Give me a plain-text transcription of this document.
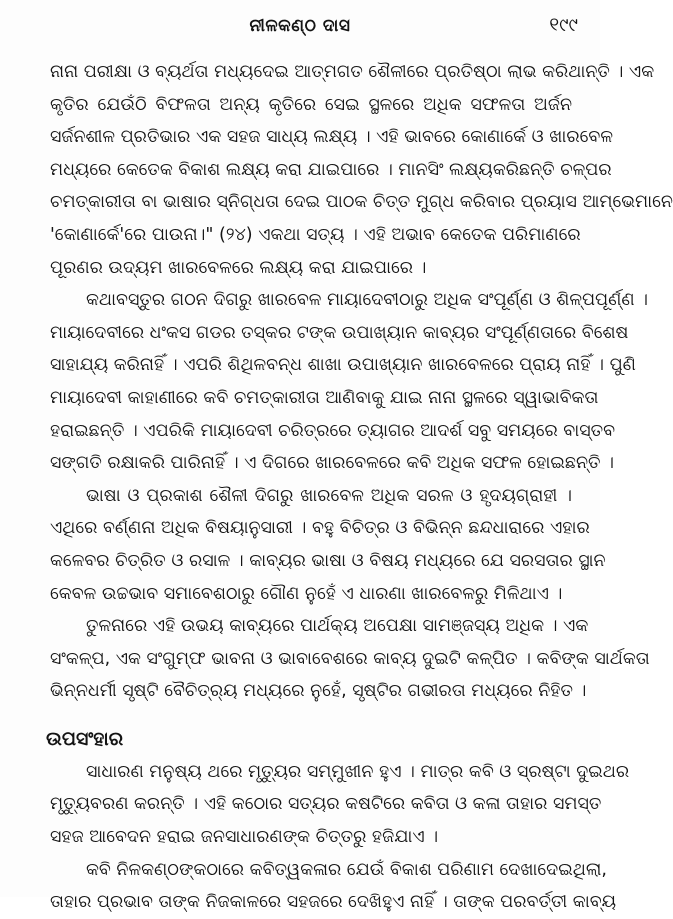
ନୀଳକଣ୍ଠ ଦାସ	୧୯୯
ନାନା ପରୀକ୍ଷା ଓ ବ୍ୟର୍ଥତା ମଧ୍ୟଦେଇ ଆତ୍ମଗତ ଶୈଳୀରେ ପ୍ରତିଷ୍ଠା ଲାଭ କରିଥାନ୍ତି । ଏକ
କୃତିର ଯେଉଁଠି ବିଫଳତା ଅନ୍ୟ କୃତିରେ ସେଇ ସ୍ଥଳରେ ଅଧିକ ସଫଳତା ଅର୍ଜନ
ସର୍ଜନଶୀଳ ପ୍ରତିଭାର ଏକ ସହଜ ସାଧ୍ୟ ଲକ୍ଷ୍ୟ । ଏହି ଭାବରେ କୋଣାର୍କେ ଓ ଖାରବେଳ
ମଧ୍ୟରେ କେତେକ ବିକାଶ ଲକ୍ଷ୍ୟ କରା ଯାଇପାରେ । ମାନସିଂ ଲକ୍ଷ୍ୟକରିଛନ୍ତି ଚଳ୍ପର
ଚମତ୍କାରୀତା ବା ଭାଷାର ସ୍ନିଗ୍ଧତା ଦେଇ ପାଠକ ଚିତ୍ତ ମୁଗ୍ଧ କରିବାର ପ୍ରୟାସ ଆମ୍ଭେମାନେ
'କୋଣାର୍କେ'ରେ ପାଉନା।" (୨୪) ଏକଥା ସତ୍ୟ । ଏହି ଅଭାବ କେତେକ ପରିମାଣରେ
ପୂରଣର ଉଦ୍ୟମ ଖାରବେଳରେ ଲକ୍ଷ୍ୟ କରା ଯାଇପାରେ ।
କଥାବସ୍ତୁର ଗଠନ ଦିଗରୁ ଖାରବେଳ ମାୟାଦେବୀଠାରୁ ଅଧିକ ସଂପୂର୍ଣ୍ଣ ଓ ଶିଳ୍ପପୂର୍ଣ୍ଣ ।
ମାୟାଦେବୀରେ ଧଂକସ ଗଡର ତସ୍କର ଟଙ୍କ ଉପାଖ୍ୟାନ କାବ୍ୟର ସଂପୂର୍ଣ୍ଣତାରେ ବିଶେଷ
ସାହାଯ୍ୟ କରିନାହିଁ । ଏପରି ଶିଥିଳବନ୍ଧ ଶାଖା ଉପାଖ୍ୟାନ ଖାରବେଳରେ ପ୍ରାୟ ନାହିଁ । ପୁଣି
ମାୟାଦେବୀ କାହାଣୀରେ କବି ଚମତ୍କାରୀତା ଆଣିବାକୁ ଯାଇ ନାନା ସ୍ଥଳରେ ସ୍ୱାଭାବିକତା
ହରାଇଛନ୍ତି । ଏପରିକି ମାୟାଦେବୀ ଚରିତ୍ରରେ ତ୍ୟାଗର ଆଦର୍ଶ ସବୁ ସମୟରେ ବାସ୍ତବ
ସଙ୍ଗତି ରକ୍ଷାକରି ପାରିନାହିଁ । ଏ ଦିଗରେ ଖାରବେଳରେ କବି ଅଧିକ ସଫଳ ହୋଇଛନ୍ତି ।
ଭାଷା ଓ ପ୍ରକାଶ ଶୈଳୀ ଦିଗରୁ ଖାରବେଳ ଅଧିକ ସରଳ ଓ ହୃଦୟଗ୍ରାହୀ ।
ଏଥିରେ ବର୍ଣ୍ଣନା ଅଧିକ ବିଷୟାନୁସାରୀ । ବହୁ ବିଚିତ୍ର ଓ ବିଭିନ୍ନ ଛନ୍ଦଧାରାରେ ଏହାର
କଳେବର ଚିତ୍ରିତ ଓ ରସାଳ । କାବ୍ୟର ଭାଷା ଓ ବିଷୟ ମଧ୍ୟରେ ଯେ ସରସତାର ସ୍ଥାନ
କେବଳ ଉଚ୍ଚଭାବ ସମାବେଶଠାରୁ ଗୌଣ ନୁହେଁ ଏ ଧାରଣା ଖାରବେଳରୁ ମିଳିଥାଏ ।
ତୁଳନାରେ ଏହି ଉଭୟ କାବ୍ୟରେ ପାର୍ଥକ୍ୟ ଅପେକ୍ଷା ସାମଞ୍ଜସ୍ୟ ଅଧିକ । ଏକ
ସଂକଳ୍ପ, ଏକ ସଂଗୁମ୍ଫ ଭାବନା ଓ ଭାବାବେଶରେ କାବ୍ୟ ଦୁଇଟି କଳ୍ପିତ । କବିଙ୍କ ସାର୍ଥକତା
ଭିନ୍ନଧର୍ମୀ ସୃଷ୍ଟି ବୈଚିତ୍ର୍ୟ ମଧ୍ୟରେ ନୁହେଁ, ସୃଷ୍ଟିର ଗଭୀରତା ମଧ୍ୟରେ ନିହିତ ।
ଉପସଂହାର
ସାଧାରଣ ମନୁଷ୍ୟ ଥରେ ମୃତ୍ୟୁର ସମ୍ମୁଖୀନ ହୁଏ । ମାତ୍ର କବି ଓ ସ୍ରଷ୍ଟା ଦୁଇଥର
ମୃତ୍ୟୁବରଣ କରନ୍ତି । ଏହି କଠୋର ସତ୍ୟର କଷଟିରେ କବିତା ଓ କଳା ତାହାର ସମସ୍ତ
ସହଜ ଆବେଦନ ହରାଇ ଜନସାଧାରଣଙ୍କ ଚିତ୍ତରୁ ହଜିଯାଏ ।
କବି ନିଳକଣ୍ଠଙ୍କଠାରେ କବିତ୍ୱକଳାର ଯେଉଁ ବିକାଶ ପରିଣାମ ଦେଖାଦେଇଥିଲା,
ତାହାର ପ୍ରଭାବ ତାଙ୍କ ନିଜକାଳରେ ସହଜରେ ଦେଖିହୁଏ ନାହିଁ । ତାଙ୍କ ପରବର୍ତ୍ତୀ କାବ୍ୟ
